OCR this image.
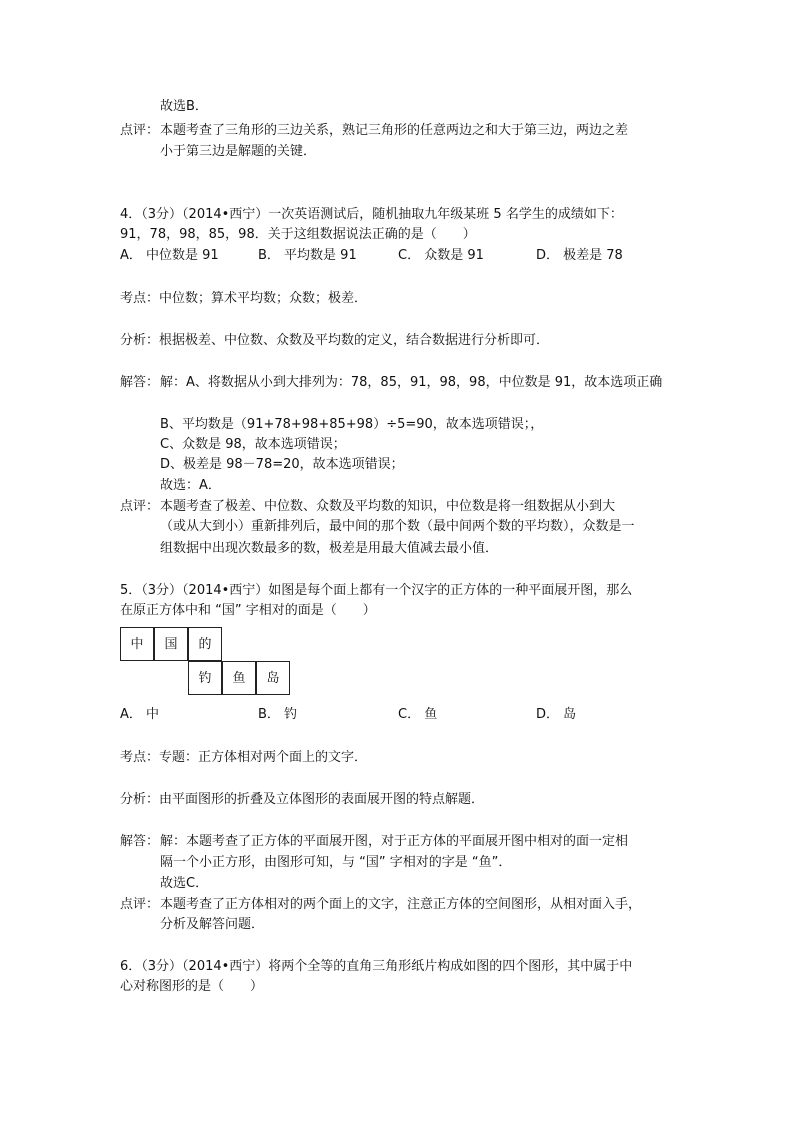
故选B．
点评： 本题考查了三角形的三边关系，熟记三角形的任意两边之和大于第三边，两边之差
小于第三边是解题的关键．
4．（3分）（2014•西宁）一次英语测试后，随机抽取九年级某班 5 名学生的成绩如下：
91，78，98，85，98．关于这组数据说法正确的是（　　）
A． 中位数是 91	B． 平均数是 91	C． 众数是 91	D． 极差是 78
考点：中位数；算术平均数；众数；极差．
分析：根据极差、中位数、众数及平均数的定义，结合数据进行分析即可．
解答： 解：A、将数据从小到大排列为：78，85，91，98，98，中位数是 91，故本选项正确
B、平均数是（91+78+98+85+98）÷5=90，故本选项错误；，
C、众数是 98，故本选项错误；
D、极差是 98－78=20，故本选项错误；
故选：A．
点评： 本题考查了极差、中位数、众数及平均数的知识，中位数是将一组数据从小到大
（或从大到小）重新排列后，最中间的那个数（最中间两个数的平均数），众数是一
组数据中出现次数最多的数，极差是用最大值减去最小值．
5．（3分）（2014•西宁）如图是每个面上都有一个汉字的正方体的一种平面展开图，那么
在原正方体中和 “国” 字相对的面是（　　）
中	国	的
钓	鱼	岛
A． 中	B． 钓	C． 鱼	D． 岛
考点：专题：正方体相对两个面上的文字．
分析：由平面图形的折叠及立体图形的表面展开图的特点解题．
解答： 解：本题考查了正方体的平面展开图，对于正方体的平面展开图中相对的面一定相
隔一个小正方形，由图形可知，与 “国” 字相对的字是 “鱼”．
故选C．
点评： 本题考查了正方体相对的两个面上的文字，注意正方体的空间图形，从相对面入手，
分析及解答问题．
6．（3分）（2014•西宁）将两个全等的直角三角形纸片构成如图的四个图形，其中属于中
心对称图形的是（　　）
